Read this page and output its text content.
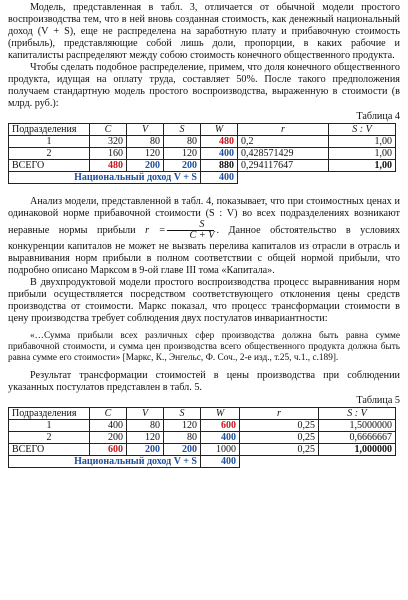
Модель, представленная в табл. 3, отличается от обычной модели простого воспроизводства тем, что в ней вновь созданная стоимость, как денежный национальный доход (V + S), еще не распределена на заработную плату и прибавочную стоимость (прибыль), представляющие собой лишь доли, пропорции, в каких рабочие и капиталисты распределяют между собою стоимость конечного общественного продукта.

Чтобы сделать подобное распределение, примем, что доля конечного общественного продукта, идущая на оплату труда, составляет 50%. После такого предположения получаем стандартную модель простого воспроизводства, выраженную в стоимости (в млрд. руб.):

Таблица 4
Подразделения	C	V	S	W	r	S : V
1	320	80	80	480	0,2	1,00
2	160	120	120	400	0,428571429	1,00
ВСЕГО	480	200	200	880	0,294117647	1,00
Национальный доход V + S				400		

Анализ модели, представленной в табл. 4, показывает, что при стоимостных ценах и одинаковой норме прибавочной стоимости (S : V) во всех подразделениях возникают неравные нормы прибыли $r = \frac{S}{C + V}$ . Данное обстоятельство в условиях конкуренции капиталов не может не вызвать перелива капиталов из отрасли в отрасль и выравнивания норм прибыли в полном соответствии с общей нормой прибыли, что подробно описано Марксом в 9-ой главе III тома «Капитала».

В двухпродуктовой модели простого воспроизводства процесс выравнивания норм прибыли осуществляется посредством соответствующего отклонения цены средств производства от стоимости. Маркс показал, что процесс трансформации стоимости в цену производства требует соблюдения двух постулатов инвариантности:

«…Сумма прибыли всех различных сфер производства должна быть равна сумме прибавочной стоимости, и сумма цен производства всего общественного продукта должна быть равна сумме его стоимости» [Маркс, К., Энгельс, Ф. Соч., 2-е изд., т.25, ч.1., с.189].

Результат трансформации стоимостей в цены производства при соблюдении указанных постулатов представлен в табл. 5.

Таблица 5
Подразделения	C	V	S	W	r	S : V
1	400	80	120	600	0,25	1,5000000
2	200	120	80	400	0,25	0,6666667
ВСЕГО	600	200	200	1000	0,25	1,000000
Национальный доход V + S				400		
